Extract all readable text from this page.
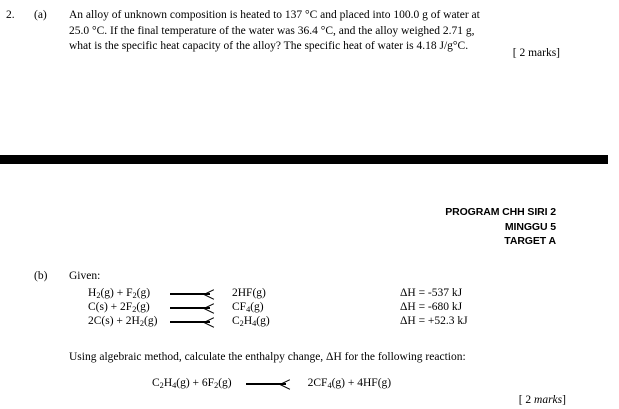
2. (a) An alloy of unknown composition is heated to 137 °C and placed into 100.0 g of water at
25.0 °C. If the final temperature of the water was 36.4 °C, and the alloy weighed 2.71 g,
what is the specific heat capacity of the alloy? The specific heat of water is 4.18 J/g°C.
[ 2 marks]
PROGRAM CHH SIRI 2
MINGGU 5
TARGET A
(b) Given:
$H_2(g) + F_2(g)$	2HF(g)	ΔH = -537 kJ
$C(s) + 2F_2(g)$	$CF_4(g)$	ΔH = -680 kJ
$2C(s) + 2H_2(g)$	$C_2H_4(g)$	ΔH = +52.3 kJ
Using algebraic method, calculate the enthalpy change, ΔH for the following reaction:
$C_2H_4(g) + 6F_2(g)$	$2CF_4(g) + 4HF(g)$
[ 2 marks]
